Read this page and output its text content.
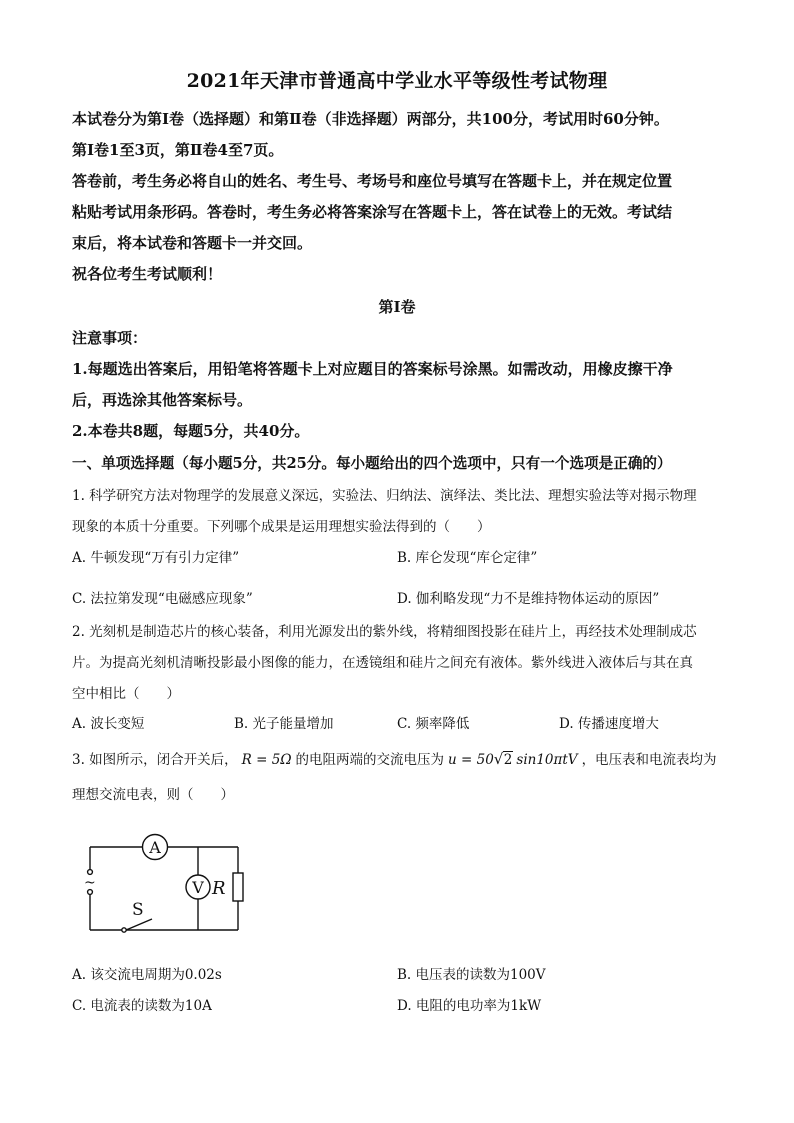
2021年天津市普通高中学业水平等级性考试物理
本试卷分为第Ⅰ卷（选择题）和第Ⅱ卷（非选择题）两部分，共100分，考试用时60分钟。
第Ⅰ卷1至3页，第Ⅱ卷4至7页。
答卷前，考生务必将自山的姓名、考生号、考场号和座位号填写在答题卡上，并在规定位置
粘贴考试用条形码。答卷时，考生务必将答案涂写在答题卡上，答在试卷上的无效。考试结
束后，将本试卷和答题卡一并交回。
祝各位考生考试顺利！
第Ⅰ卷
注意事项：
1.每题选出答案后，用铅笔将答题卡上对应题目的答案标号涂黑。如需改动，用橡皮擦干净
后，再选涂其他答案标号。
2.本卷共8题，每题5分，共40分。
一、单项选择题（每小题5分，共25分。每小题给出的四个选项中，只有一个选项是正确的）
1. 科学研究方法对物理学的发展意义深远，实验法、归纳法、演绎法、类比法、理想实验法等对揭示物理
现象的本质十分重要。下列哪个成果是运用理想实验法得到的（　　）
A. 牛顿发现“万有引力定律”	B. 库仑发现“库仑定律”
C. 法拉第发现“电磁感应现象”	D. 伽利略发现“力不是维持物体运动的原因”
2. 光刻机是制造芯片的核心装备，利用光源发出的紫外线，将精细图投影在硅片上，再经技术处理制成芯
片。为提高光刻机清晰投影最小图像的能力，在透镜组和硅片之间充有液体。紫外线进入液体后与其在真
空中相比（　　）
A. 波长变短	B. 光子能量增加	C. 频率降低	D. 传播速度增大
3. 如图所示，闭合开关后， R = 5Ω 的电阻两端的交流电压为 u = 50 √ 2 sin10πtV ，电压表和电流表均为
理想交流电表，则（　　）
A
V R
S
~
A. 该交流电周期为0.02s	B. 电压表的读数为100V
C. 电流表的读数为10A	D. 电阻的电功率为1kW
